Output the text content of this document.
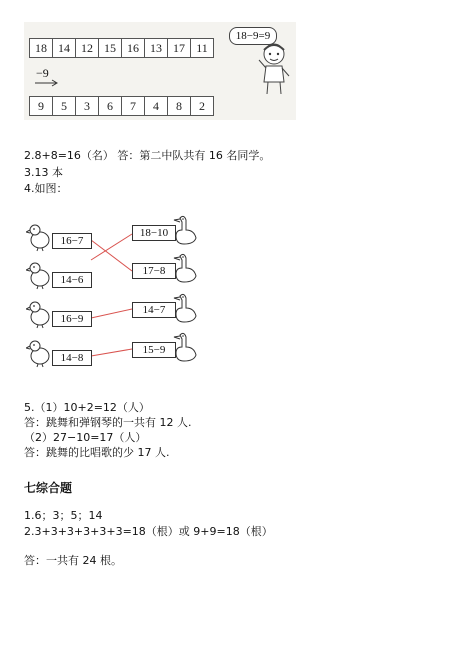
18 14 12 15 16 13 17 11
−9
9	5	3	6	7	4	8	2
18−9=9
2.8+8=16（名） 答：第二中队共有 16 名同学。
3.13 本
4.如图：
16−7
14−6
16−9
14−8
18−10
17−8
14−7
15−9
5.（1）10+2=12（人）
答：跳舞和弹钢琴的一共有 12 人.
（2）27−10=17（人）
答：跳舞的比唱歌的少 17 人.
七综合题
1.6；3；5；14
2.3+3+3+3+3+3=18（根）或 9+9=18（根）
答：一共有 24 根。
